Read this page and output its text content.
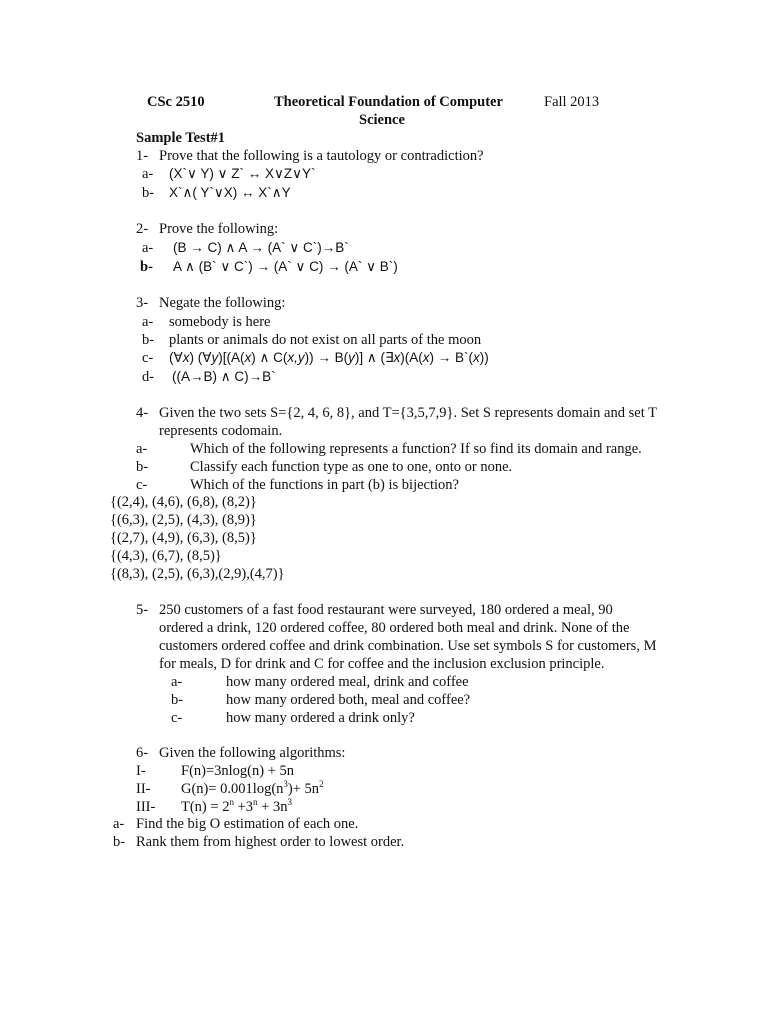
CSc 2510	Theoretical Foundation of Computer
Science
Fall 2013
Sample Test#1
1- Prove that the following is a tautology or contradiction?
a- (X`∨ Y) ∨ Z` ↔ X∨Z∨Y`
b- X`∧( Y`∨X) ↔ X`∧Y
2- Prove the following:
a- (B → C) ∧ A → (A` ∨ C`)→B`
b- A ∧ (B` ∨ C`) → (A` ∨ C) → (A` ∨ B`)
3- Negate the following:
a- somebody is here
b- plants or animals do not exist on all parts of the moon
c- (∀x) (∀y)[(A(x) ∧ C(x,y)) → B(y)] ∧ (∃x)(A(x) → B`(x))
d- ((A→B) ∧ C)→B`
4- Given the two sets S={2, 4, 6, 8}, and T={3,5,7,9}. Set S represents domain and set T
represents codomain.
a-	Which of the following represents a function? If so find its domain and range.
b-	Classify each function type as one to one, onto or none.
c-	Which of the functions in part (b) is bijection?
{(2,4), (4,6), (6,8), (8,2)}
{(6,3), (2,5), (4,3), (8,9)}
{(2,7), (4,9), (6,3), (8,5)}
{(4,3), (6,7), (8,5)}
{(8,3), (2,5), (6,3),(2,9),(4,7)}
5- 250 customers of a fast food restaurant were surveyed, 180 ordered a meal, 90
ordered a drink, 120 ordered coffee, 80 ordered both meal and drink. None of the
customers ordered coffee and drink combination. Use set symbols S for customers, M
for meals, D for drink and C for coffee and the inclusion exclusion principle.
a-	how many ordered meal, drink and coffee
b-	how many ordered both, meal and coffee?
c-	how many ordered a drink only?
6- Given the following algorithms:
I- F(n)=3nlog(n) + 5n
II- $G(n)= 0.001\log(n^3)+ 5n^2$
III- $T(n) = 2^n +3^n + 3n^3$
a- Find the big O estimation of each one.
b- Rank them from highest order to lowest order.
